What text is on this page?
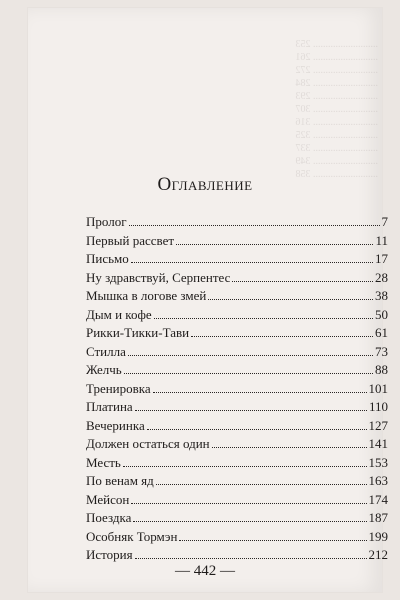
.......................... 253
.......................... 261
.......................... 272
.......................... 284
.......................... 293
.......................... 307
.......................... 316
.......................... 325
.......................... 337
.......................... 349
.......................... 358
Оглавление
Пролог	7
Первый рассвет	11
Письмо	17
Ну здравствуй, Серпентес	28
Мышка в логове змей	38
Дым и кофе	50
Рикки-Тикки-Тави	61
Стилла	73
Желчь	88
Тренировка	101
Платина	110
Вечеринка	127
Должен остаться один	141
Месть	153
По венам яд	163
Мейсон	174
Поездка	187
Особняк Тормэн	199
История	212
— 442 —
